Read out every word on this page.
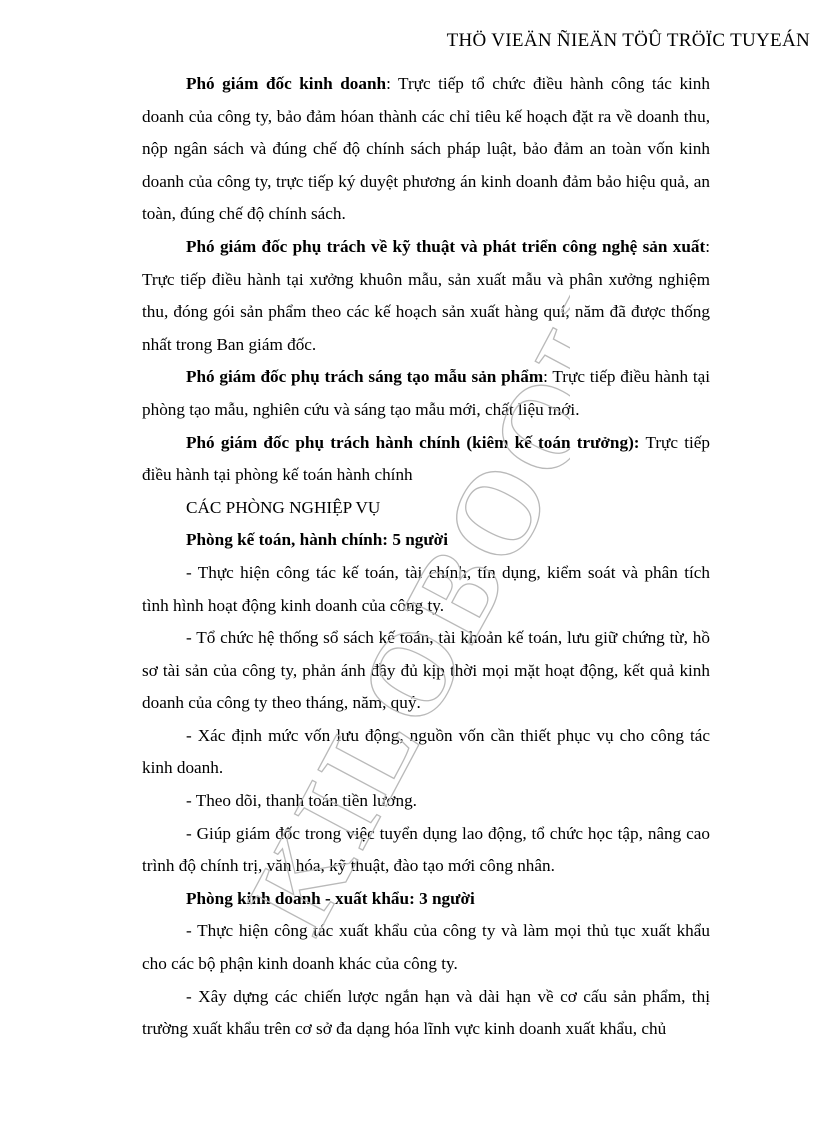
THÖ VIEÄN ÑIEÄN TÖÛ TRÖÏC TUYEÁN

Phó giám đốc kinh doanh: Trực tiếp tổ chức điều hành công tác kinh doanh của công ty, bảo đảm hóan thành các chỉ tiêu kế hoạch đặt ra về doanh thu, nộp ngân sách và đúng chế độ chính sách pháp luật, bảo đảm an toàn vốn kinh doanh của công ty, trực tiếp ký duyệt phương án kinh doanh đảm bảo hiệu quả, an toàn, đúng chế độ chính sách.

Phó giám đốc phụ trách về kỹ thuật và phát triển công nghệ sản xuất: Trực tiếp điều hành tại xưởng khuôn mẫu, sản xuất mẫu và phân xưởng nghiệm thu, đóng gói sản phẩm theo các kế hoạch sản xuất hàng quí, năm đã được thống nhất trong Ban giám đốc.

Phó giám đốc phụ trách sáng tạo mẫu sản phẩm: Trực tiếp điều hành tại phòng tạo mẫu, nghiên cứu và sáng tạo mẫu mới, chất liệu mới.

Phó giám đốc phụ trách hành chính (kiêm kế toán trưởng): Trực tiếp điều hành tại phòng kế toán hành chính

CÁC PHÒNG NGHIỆP VỤ

Phòng kế toán, hành chính: 5 người

- Thực hiện công tác kế toán, tài chính, tín dụng, kiểm soát và phân tích tình hình hoạt động kinh doanh của công ty.

- Tổ chức hệ thống sổ sách kế toán, tài khoản kế toán, lưu giữ chứng từ, hồ sơ tài sản của công ty, phản ánh đầy đủ kịp thời mọi mặt hoạt động, kết quả kinh doanh của công ty theo tháng, năm, quý.

- Xác định mức vốn lưu động, nguồn vốn cần thiết phục vụ cho công tác kinh doanh.

- Theo dõi, thanh toán tiền lương.

- Giúp giám đốc trong việc tuyển dụng lao động, tổ chức học tập, nâng cao trình độ chính trị, văn hóa, kỹ thuật, đào tạo mới công nhân.

Phòng kinh doanh - xuất khẩu: 3 người

- Thực hiện công tác xuất khẩu của công ty và làm mọi thủ tục xuất khẩu cho các bộ phận kinh doanh khác của công ty.

- Xây dựng các chiến lược ngắn hạn và dài hạn về cơ cấu sản phẩm, thị trường xuất khẩu trên cơ sở đa dạng hóa lĩnh vực kinh doanh xuất khẩu, chủ

KILOBOOKS.CO
